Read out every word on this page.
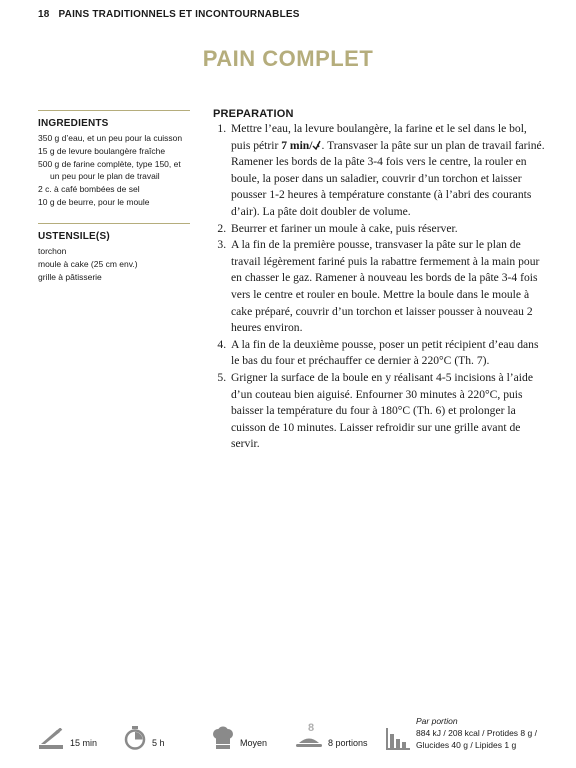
18 PAINS TRADITIONNELS ET INCONTOURNABLES
PAIN COMPLET
INGREDIENTS
350 g d’eau, et un peu pour la cuisson
15 g de levure boulangère fraîche
500 g de farine complète, type 150, et un peu pour le plan de travail
2 c. à café bombées de sel
10 g de beurre, pour le moule
USTENSILE(S)
torchon
moule à cake (25 cm env.)
grille à pâtisserie
PREPARATION
1. Mettre l’eau, la levure boulangère, la farine et le sel dans le bol, puis pétrir 7 min/ . Transvaser la pâte sur un plan de travail fariné. Ramener les bords de la pâte 3-4 fois vers le centre, la rouler en boule, la poser dans un saladier, couvrir d’un torchon et laisser pousser 1-2 heures à température constante (à l’abri des courants d’air). La pâte doit doubler de volume.
2. Beurrer et fariner un moule à cake, puis réserver.
3. A la fin de la première pousse, transvaser la pâte sur le plan de travail légèrement fariné puis la rabattre fermement à la main pour en chasser le gaz. Ramener à nouveau les bords de la pâte 3-4 fois vers le centre et rouler en boule. Mettre la boule dans le moule à cake préparé, couvrir d’un torchon et laisser pousser à nouveau 2 heures environ.
4. A la fin de la deuxième pousse, poser un petit récipient d’eau dans le bas du four et préchauffer ce dernier à 220°C (Th. 7).
5. Grigner la surface de la boule en y réalisant 4-5 incisions à l’aide d’un couteau bien aiguisé. Enfourner 30 minutes à 220°C, puis baisser la température du four à 180°C (Th. 6) et prolonger la cuisson de 10 minutes. Laisser refroidir sur une grille avant de servir.
15 min	5 h	Moyen
8
8 portions
Par portion
884 kJ / 208 kcal / Protides 8 g /
Glucides 40 g / Lipides 1 g
